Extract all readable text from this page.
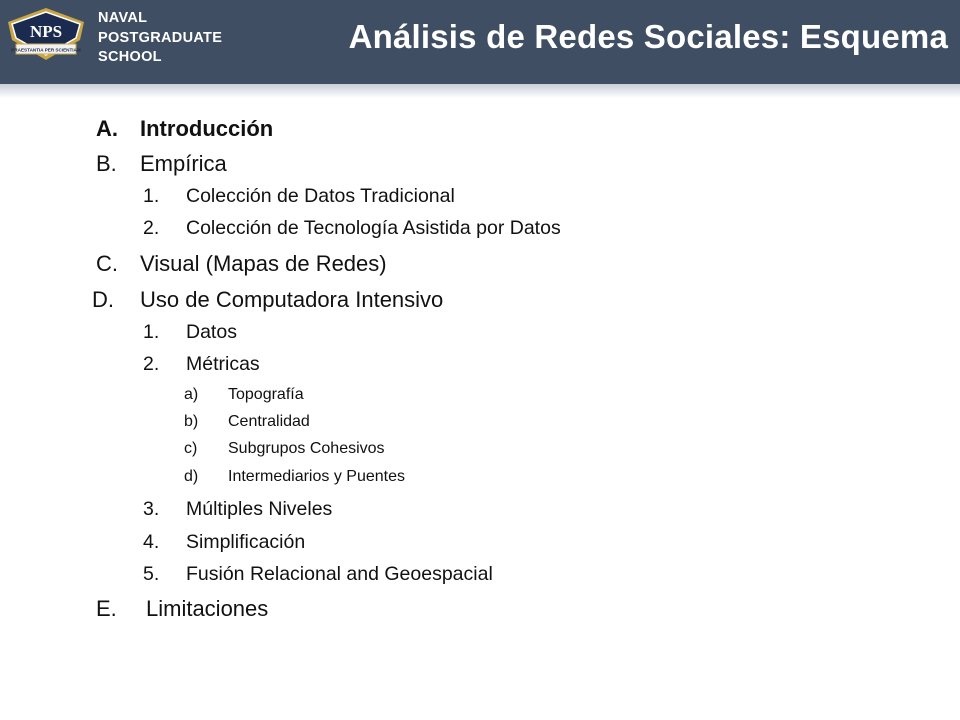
NPS
PRAESTANTIA PER SCIENTIAM
NAVAL
POSTGRADUATE
SCHOOL
Análisis de Redes Sociales: Esquema
A. Introducción
B. Empírica
1. Colección de Datos Tradicional
2. Colección de Tecnología Asistida por Datos
C. Visual (Mapas de Redes)
D. Uso de Computadora Intensivo
1. Datos
2. Métricas
a) Topografía
b) Centralidad
c) Subgrupos Cohesivos
d) Intermediarios y Puentes
3. Múltiples Niveles
4. Simplificación
5. Fusión Relacional and Geoespacial
E. Limitaciones
